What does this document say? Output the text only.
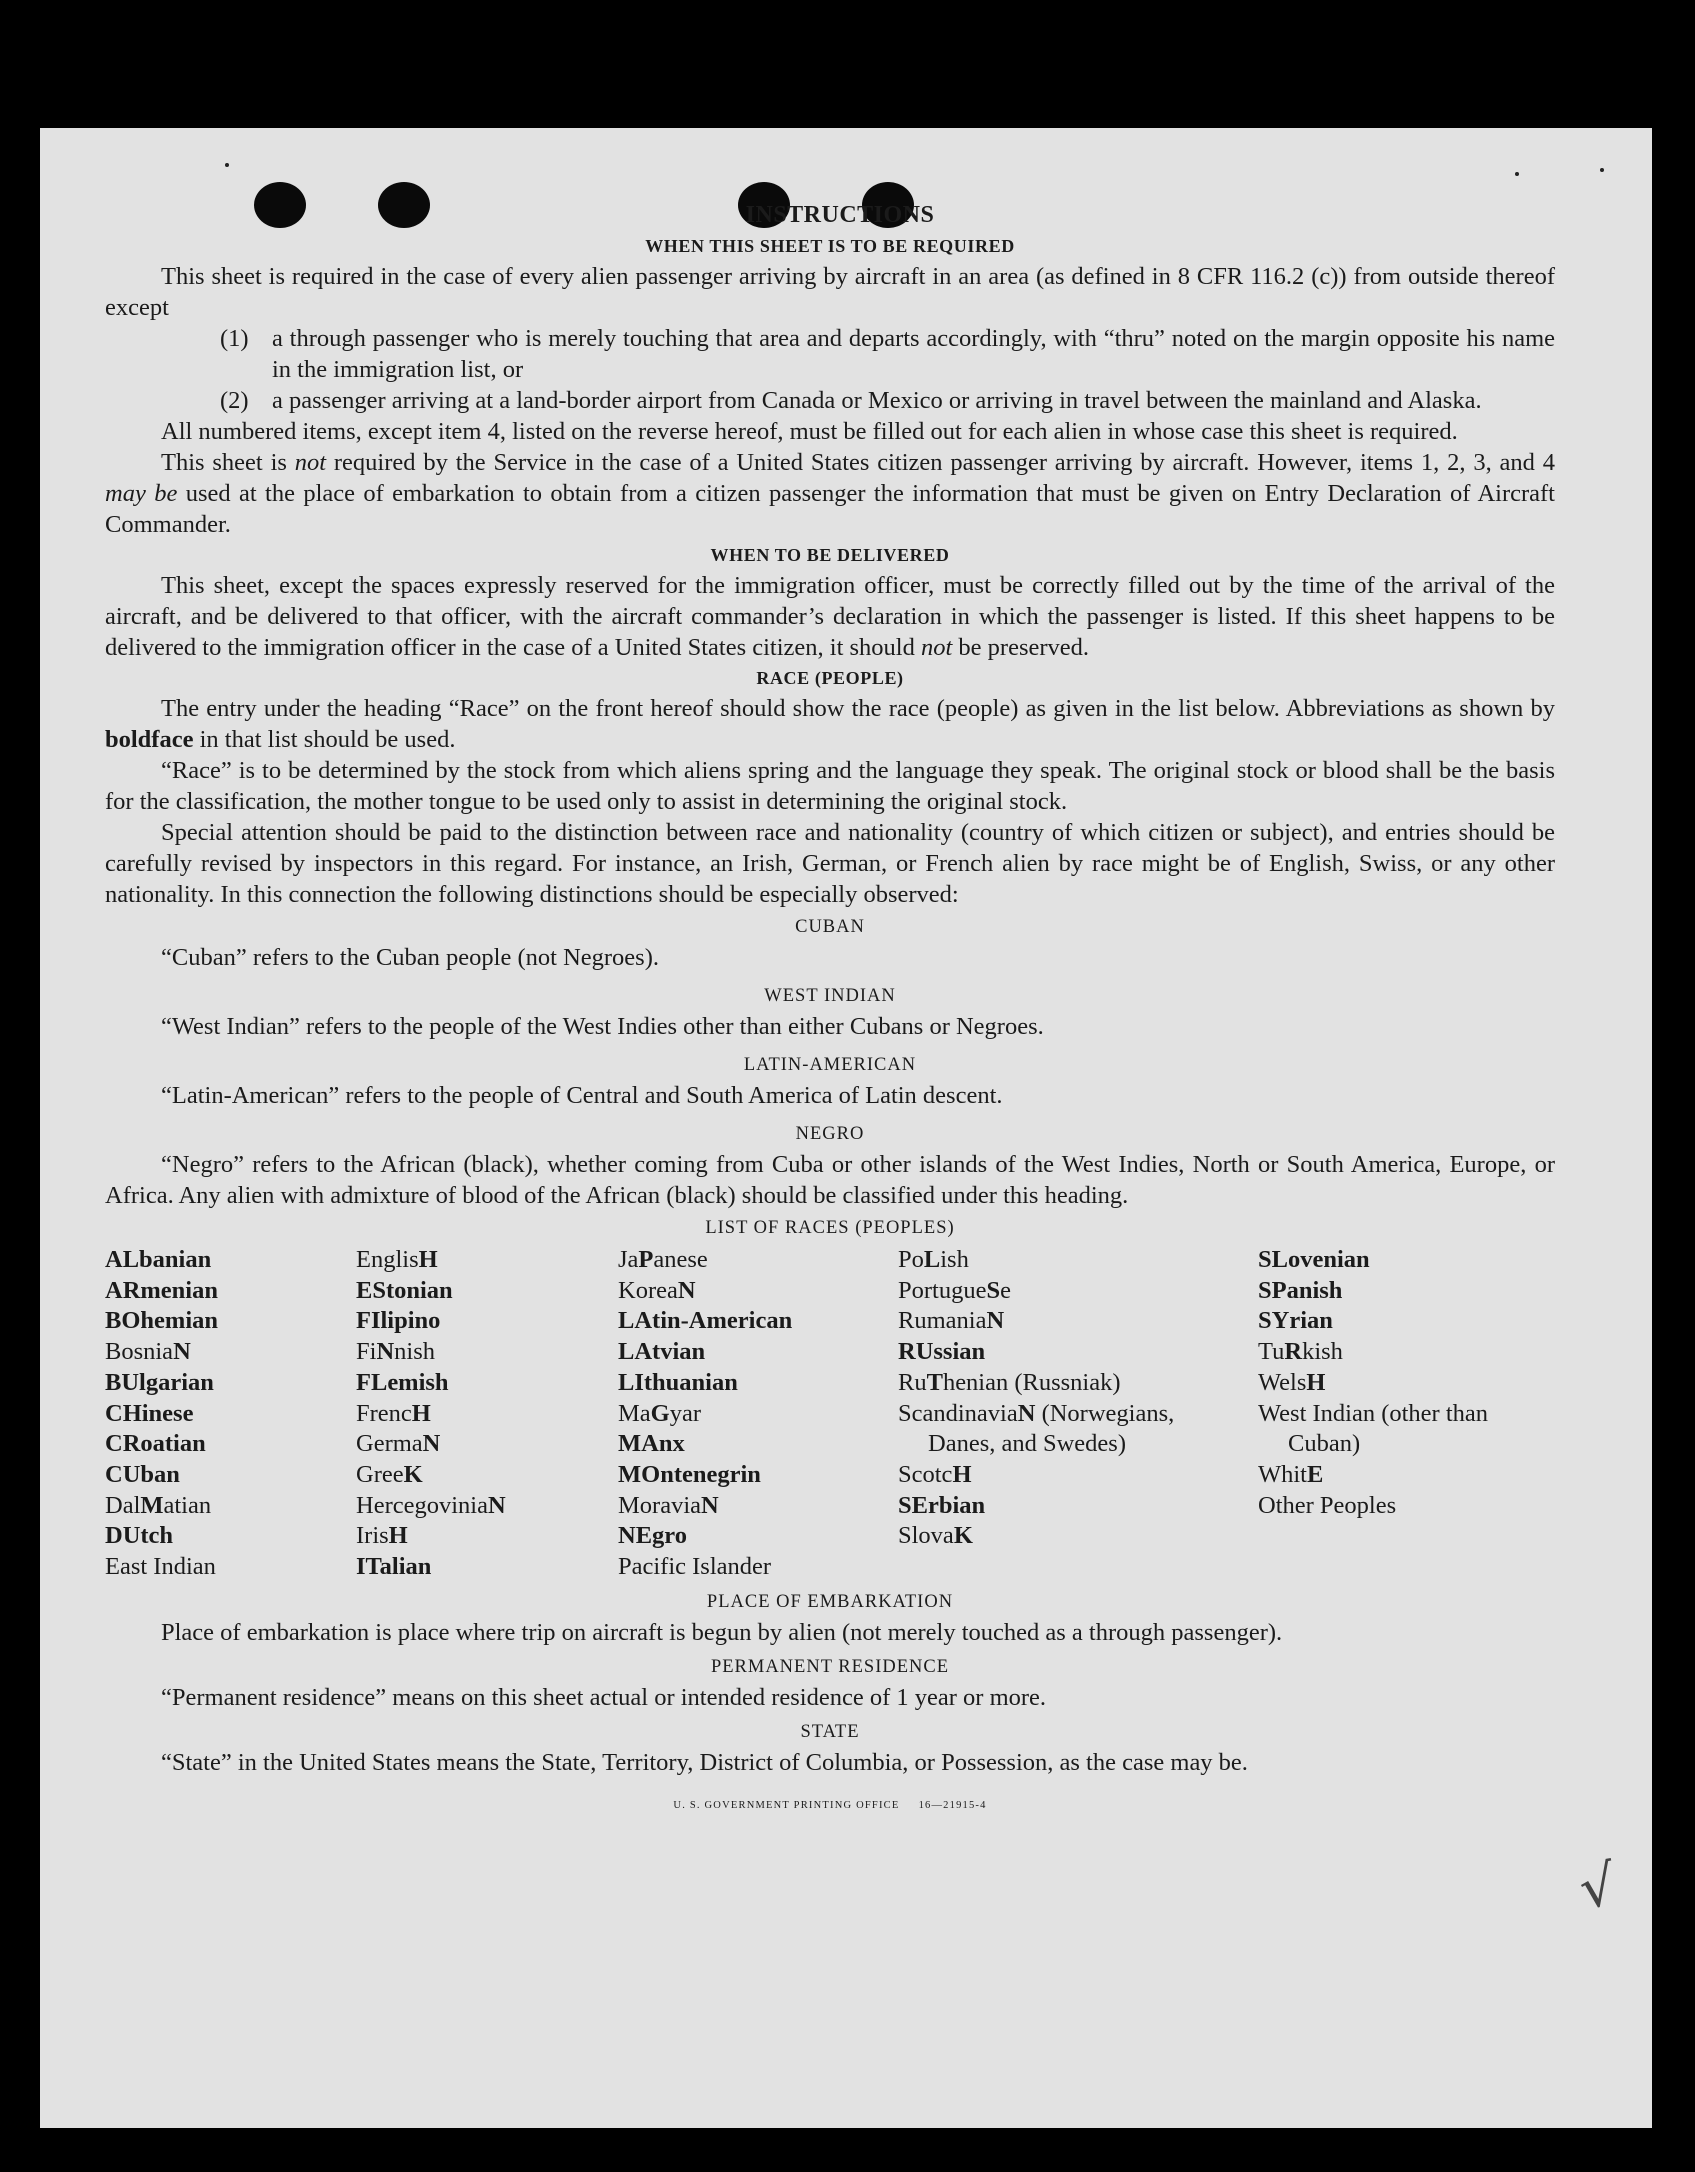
√
INSTRUCTIONS
WHEN THIS SHEET IS TO BE REQUIRED

This sheet is required in the case of every alien passenger arriving by aircraft in an area (as defined in 8 CFR 116.2 (c)) from outside thereof except

(1) a through passenger who is merely touching that area and departs accordingly, with “thru” noted on the margin opposite his name in the immigration list, or
(2) a passenger arriving at a land-border airport from Canada or Mexico or arriving in travel between the mainland and Alaska.

All numbered items, except item 4, listed on the reverse hereof, must be filled out for each alien in whose case this sheet is required.

This sheet is not required by the Service in the case of a United States citizen passenger arriving by aircraft. However, items 1, 2, 3, and 4 may be used at the place of embarkation to obtain from a citizen passenger the information that must be given on Entry Declaration of Aircraft Commander.

WHEN TO BE DELIVERED

This sheet, except the spaces expressly reserved for the immigration officer, must be correctly filled out by the time of the arrival of the aircraft, and be delivered to that officer, with the aircraft commander’s declaration in which the passenger is listed. If this sheet happens to be delivered to the immigration officer in the case of a United States citizen, it should not be preserved.

RACE (PEOPLE)

The entry under the heading “Race” on the front hereof should show the race (people) as given in the list below. Abbreviations as shown by boldface in that list should be used.

“Race” is to be determined by the stock from which aliens spring and the language they speak. The original stock or blood shall be the basis for the classification, the mother tongue to be used only to assist in determining the original stock.

Special attention should be paid to the distinction between race and nationality (country of which citizen or subject), and entries should be carefully revised by inspectors in this regard. For instance, an Irish, German, or French alien by race might be of English, Swiss, or any other nationality. In this connection the following distinctions should be especially observed:

CUBAN

“Cuban” refers to the Cuban people (not Negroes).

WEST INDIAN

“West Indian” refers to the people of the West Indies other than either Cubans or Negroes.

LATIN-AMERICAN

“Latin-American” refers to the people of Central and South America of Latin descent.

NEGRO

“Negro” refers to the African (black), whether coming from Cuba or other islands of the West Indies, North or South America, Europe, or Africa. Any alien with admixture of blood of the African (black) should be classified under this heading.

LIST OF RACES (PEOPLES)
ALbanian
ARmenian
BOhemian
BosniaN
BUlgarian
CHinese
CRoatian
CUban
DalMatian
DUtch
East Indian
EnglisH
EStonian
FIlipino
FiNnish
FLemish
FrencH
GermaN
GreeK
HercegoviniaN
IrisH
ITalian
JaPanese
KoreaN
LAtin-American
LAtvian
LIthuanian
MaGyar
MAnx
MOntenegrin
MoraviaN
NEgro
Pacific Islander
PoLish
PortugueSe
RumaniaN
RUssian
RuThenian (Russniak)
ScandinaviaN (Norwegians, Danes, and Swedes)
ScotcH
SErbian
SlovaK
SLovenian
SPanish
SYrian
TuRkish
WelsH
West Indian (other than Cuban)
WhitE
Other Peoples
PLACE OF EMBARKATION

Place of embarkation is place where trip on aircraft is begun by alien (not merely touched as a through passenger).

PERMANENT RESIDENCE

“Permanent residence” means on this sheet actual or intended residence of 1 year or more.

STATE

“State” in the United States means the State, Territory, District of Columbia, or Possession, as the case may be.

U. S. GOVERNMENT PRINTING OFFICE     16—21915-4
